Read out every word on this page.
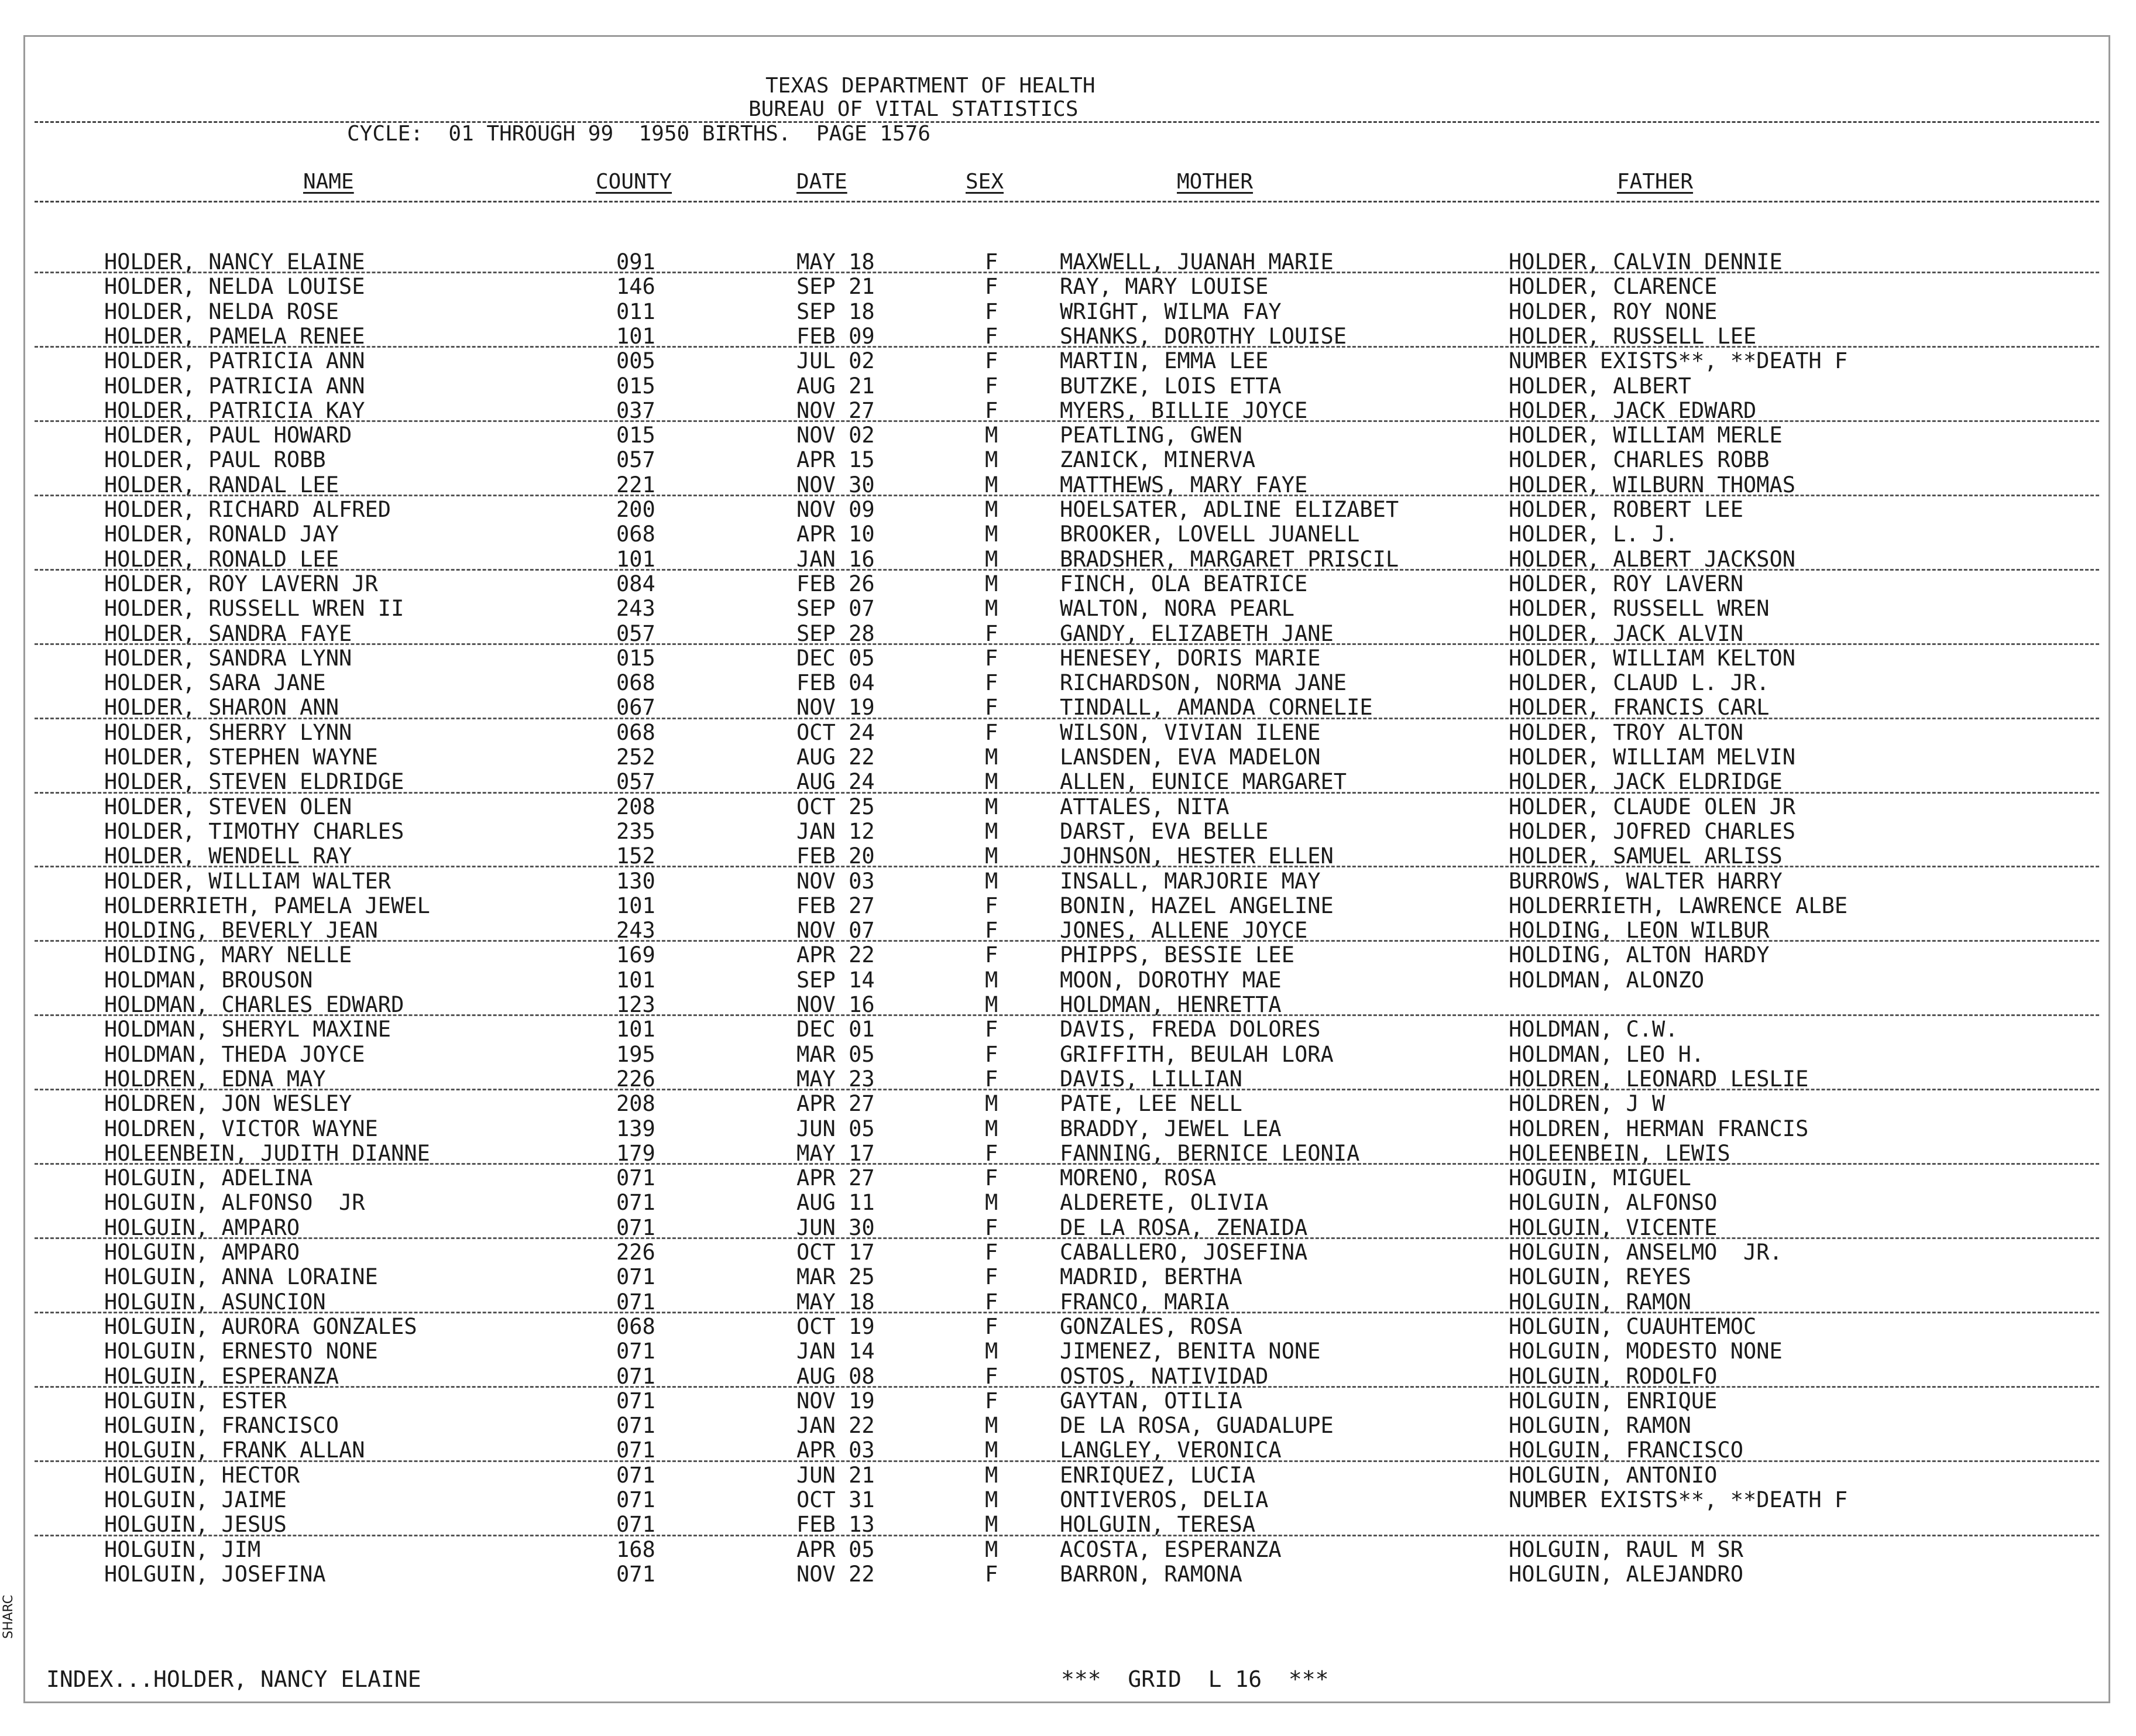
TEXAS DEPARTMENT OF HEALTH
BUREAU OF VITAL STATISTICS
CYCLE:  01 THROUGH 99  1950 BIRTHS.  PAGE 1576
NAME	COUNTY	DATE	SEX	MOTHER	FATHER
HOLDER, NANCY ELAINE	091	MAY 18	F	MAXWELL, JUANAH MARIE	HOLDER, CALVIN DENNIE
HOLDER, NELDA LOUISE	146	SEP 21	F	RAY, MARY LOUISE	HOLDER, CLARENCE
HOLDER, NELDA ROSE	011	SEP 18	F	WRIGHT, WILMA FAY	HOLDER, ROY NONE
HOLDER, PAMELA RENEE	101	FEB 09	F	SHANKS, DOROTHY LOUISE	HOLDER, RUSSELL LEE
HOLDER, PATRICIA ANN	005	JUL 02	F	MARTIN, EMMA LEE	NUMBER EXISTS**, **DEATH F
HOLDER, PATRICIA ANN	015	AUG 21	F	BUTZKE, LOIS ETTA	HOLDER, ALBERT
HOLDER, PATRICIA KAY	037	NOV 27	F	MYERS, BILLIE JOYCE	HOLDER, JACK EDWARD
HOLDER, PAUL HOWARD	015	NOV 02	M	PEATLING, GWEN	HOLDER, WILLIAM MERLE
HOLDER, PAUL ROBB	057	APR 15	M	ZANICK, MINERVA	HOLDER, CHARLES ROBB
HOLDER, RANDAL LEE	221	NOV 30	M	MATTHEWS, MARY FAYE	HOLDER, WILBURN THOMAS
HOLDER, RICHARD ALFRED	200	NOV 09	M	HOELSATER, ADLINE ELIZABET	HOLDER, ROBERT LEE
HOLDER, RONALD JAY	068	APR 10	M	BROOKER, LOVELL JUANELL	HOLDER, L. J.
HOLDER, RONALD LEE	101	JAN 16	M	BRADSHER, MARGARET PRISCIL	HOLDER, ALBERT JACKSON
HOLDER, ROY LAVERN JR	084	FEB 26	M	FINCH, OLA BEATRICE	HOLDER, ROY LAVERN
HOLDER, RUSSELL WREN II	243	SEP 07	M	WALTON, NORA PEARL	HOLDER, RUSSELL WREN
HOLDER, SANDRA FAYE	057	SEP 28	F	GANDY, ELIZABETH JANE	HOLDER, JACK ALVIN
HOLDER, SANDRA LYNN	015	DEC 05	F	HENESEY, DORIS MARIE	HOLDER, WILLIAM KELTON
HOLDER, SARA JANE	068	FEB 04	F	RICHARDSON, NORMA JANE	HOLDER, CLAUD L. JR.
HOLDER, SHARON ANN	067	NOV 19	F	TINDALL, AMANDA CORNELIE	HOLDER, FRANCIS CARL
HOLDER, SHERRY LYNN	068	OCT 24	F	WILSON, VIVIAN ILENE	HOLDER, TROY ALTON
HOLDER, STEPHEN WAYNE	252	AUG 22	M	LANSDEN, EVA MADELON	HOLDER, WILLIAM MELVIN
HOLDER, STEVEN ELDRIDGE	057	AUG 24	M	ALLEN, EUNICE MARGARET	HOLDER, JACK ELDRIDGE
HOLDER, STEVEN OLEN	208	OCT 25	M	ATTALES, NITA	HOLDER, CLAUDE OLEN JR
HOLDER, TIMOTHY CHARLES	235	JAN 12	M	DARST, EVA BELLE	HOLDER, JOFRED CHARLES
HOLDER, WENDELL RAY	152	FEB 20	M	JOHNSON, HESTER ELLEN	HOLDER, SAMUEL ARLISS
HOLDER, WILLIAM WALTER	130	NOV 03	M	INSALL, MARJORIE MAY	BURROWS, WALTER HARRY
HOLDERRIETH, PAMELA JEWEL	101	FEB 27	F	BONIN, HAZEL ANGELINE	HOLDERRIETH, LAWRENCE ALBE
HOLDING, BEVERLY JEAN	243	NOV 07	F	JONES, ALLENE JOYCE	HOLDING, LEON WILBUR
HOLDING, MARY NELLE	169	APR 22	F	PHIPPS, BESSIE LEE	HOLDING, ALTON HARDY
HOLDMAN, BROUSON	101	SEP 14	M	MOON, DOROTHY MAE	HOLDMAN, ALONZO
HOLDMAN, CHARLES EDWARD	123	NOV 16	M	HOLDMAN, HENRETTA
HOLDMAN, SHERYL MAXINE	101	DEC 01	F	DAVIS, FREDA DOLORES	HOLDMAN, C.W.
HOLDMAN, THEDA JOYCE	195	MAR 05	F	GRIFFITH, BEULAH LORA	HOLDMAN, LEO H.
HOLDREN, EDNA MAY	226	MAY 23	F	DAVIS, LILLIAN	HOLDREN, LEONARD LESLIE
HOLDREN, JON WESLEY	208	APR 27	M	PATE, LEE NELL	HOLDREN, J W
HOLDREN, VICTOR WAYNE	139	JUN 05	M	BRADDY, JEWEL LEA	HOLDREN, HERMAN FRANCIS
HOLEENBEIN, JUDITH DIANNE	179	MAY 17	F	FANNING, BERNICE LEONIA	HOLEENBEIN, LEWIS
HOLGUIN, ADELINA	071	APR 27	F	MORENO, ROSA	HOGUIN, MIGUEL
HOLGUIN, ALFONSO  JR	071	AUG 11	M	ALDERETE, OLIVIA	HOLGUIN, ALFONSO
HOLGUIN, AMPARO	071	JUN 30	F	DE LA ROSA, ZENAIDA	HOLGUIN, VICENTE
HOLGUIN, AMPARO	226	OCT 17	F	CABALLERO, JOSEFINA	HOLGUIN, ANSELMO  JR.
HOLGUIN, ANNA LORAINE	071	MAR 25	F	MADRID, BERTHA	HOLGUIN, REYES
HOLGUIN, ASUNCION	071	MAY 18	F	FRANCO, MARIA	HOLGUIN, RAMON
HOLGUIN, AURORA GONZALES	068	OCT 19	F	GONZALES, ROSA	HOLGUIN, CUAUHTEMOC
HOLGUIN, ERNESTO NONE	071	JAN 14	M	JIMENEZ, BENITA NONE	HOLGUIN, MODESTO NONE
HOLGUIN, ESPERANZA	071	AUG 08	F	OSTOS, NATIVIDAD	HOLGUIN, RODOLFO
HOLGUIN, ESTER	071	NOV 19	F	GAYTAN, OTILIA	HOLGUIN, ENRIQUE
HOLGUIN, FRANCISCO	071	JAN 22	M	DE LA ROSA, GUADALUPE	HOLGUIN, RAMON
HOLGUIN, FRANK ALLAN	071	APR 03	M	LANGLEY, VERONICA	HOLGUIN, FRANCISCO
HOLGUIN, HECTOR	071	JUN 21	M	ENRIQUEZ, LUCIA	HOLGUIN, ANTONIO
HOLGUIN, JAIME	071	OCT 31	M	ONTIVEROS, DELIA	NUMBER EXISTS**, **DEATH F
HOLGUIN, JESUS	071	FEB 13	M	HOLGUIN, TERESA
HOLGUIN, JIM	168	APR 05	M	ACOSTA, ESPERANZA	HOLGUIN, RAUL M SR
HOLGUIN, JOSEFINA	071	NOV 22	F	BARRON, RAMONA	HOLGUIN, ALEJANDRO
INDEX...HOLDER, NANCY ELAINE	***  GRID  L 16  ***
SHARC
